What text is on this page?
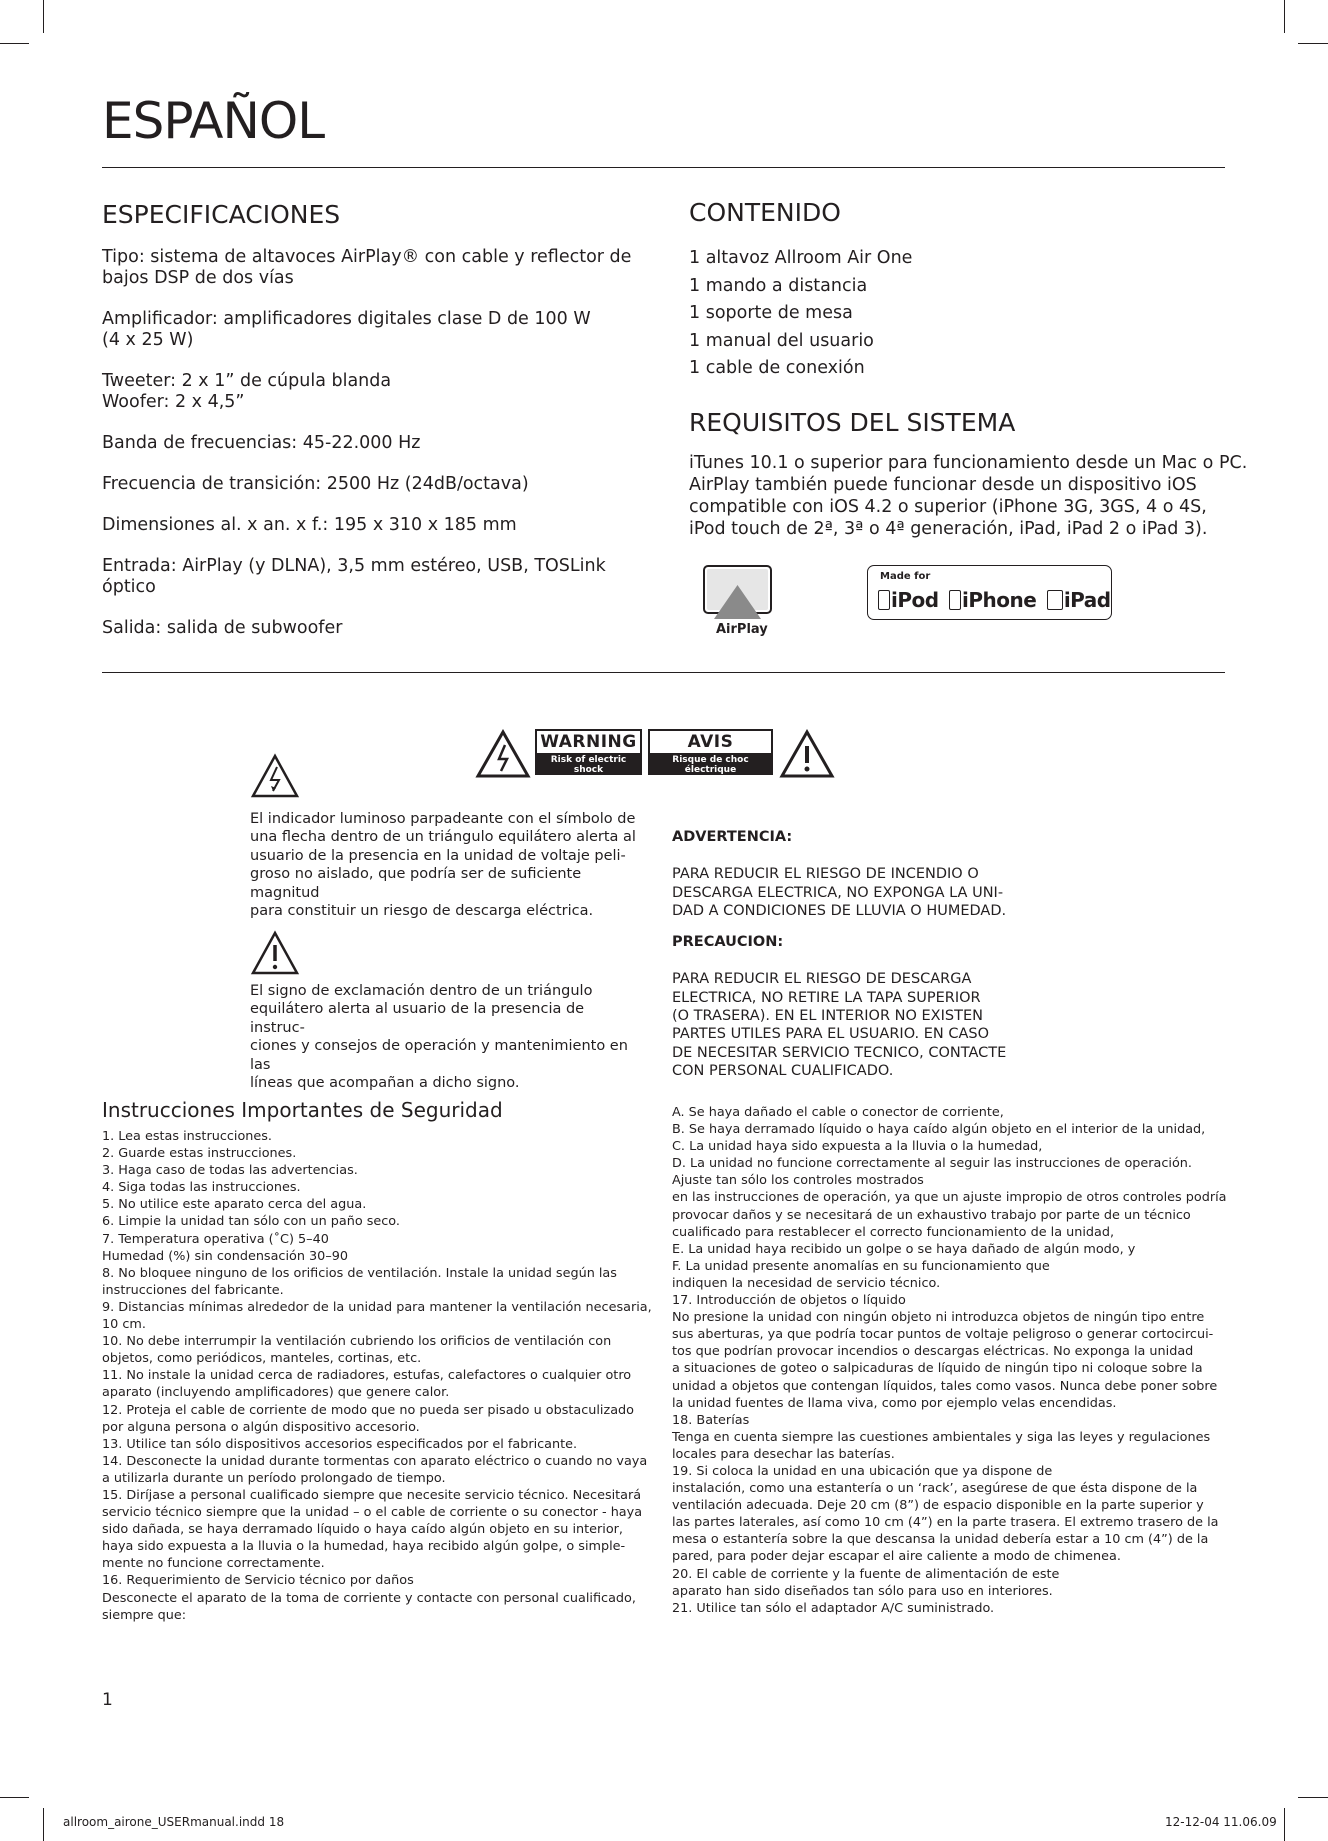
ESPAÑOL
ESPECIFICACIONES

Tipo: sistema de altavoces AirPlay® con cable y reflector de
bajos DSP de dos vías

Amplificador: amplificadores digitales clase D de 100 W
(4 x 25 W)

Tweeter: 2 x 1” de cúpula blanda
Woofer: 2 x 4,5”

Banda de frecuencias: 45-22.000 Hz

Frecuencia de transición: 2500 Hz (24dB/octava)

Dimensiones al. x an. x f.: 195 x 310 x 185 mm

Entrada: AirPlay (y DLNA), 3,5 mm estéreo, USB, TOSLink óptico

Salida: salida de subwoofer

CONTENIDO
1 altavoz Allroom Air One
1 mando a distancia
1 soporte de mesa
1 manual del usuario
1 cable de conexión
REQUISITOS DEL SISTEMA
iTunes 10.1 o superior para funcionamiento desde un Mac o PC.
AirPlay también puede funcionar desde un dispositivo iOS
compatible con iOS 4.2 o superior (iPhone 3G, 3GS, 4 o 4S,
iPod touch de 2ª, 3ª o 4ª generación, iPad, iPad 2 o iPad 3).
AirPlay
Made for
iPod iPhone iPad
WARNING
Risk of electric shock
Do not open
AVIS
Risque de choc électrique
Ne pas ouvrir
El indicador luminoso parpadeante con el símbolo de
una flecha dentro de un triángulo equilátero alerta al
usuario de la presencia en la unidad de voltaje peli-
groso no aislado, que podría ser de suficiente magnitud
para constituir un riesgo de descarga eléctrica.
El signo de exclamación dentro de un triángulo
equilátero alerta al usuario de la presencia de instruc-
ciones y consejos de operación y mantenimiento en las
líneas que acompañan a dicho signo.

ADVERTENCIA:

PARA REDUCIR EL RIESGO DE INCENDIO O
DESCARGA ELECTRICA, NO EXPONGA LA UNI-
DAD A CONDICIONES DE LLUVIA O HUMEDAD.

PRECAUCION:

PARA REDUCIR EL RIESGO DE DESCARGA
ELECTRICA, NO RETIRE LA TAPA SUPERIOR
(O TRASERA). EN EL INTERIOR NO EXISTEN
PARTES UTILES PARA EL USUARIO. EN CASO
DE NECESITAR SERVICIO TECNICO, CONTACTE
CON PERSONAL CUALIFICADO.

Instrucciones Importantes de Seguridad
1. Lea estas instrucciones.
2. Guarde estas instrucciones.
3. Haga caso de todas las advertencias.
4. Siga todas las instrucciones.
5. No utilice este aparato cerca del agua.
6. Limpie la unidad tan sólo con un paño seco.
7. Temperatura operativa (˚C) 5–40
Humedad (%) sin condensación 30–90
8. No bloquee ninguno de los orificios de ventilación. Instale la unidad según las
instrucciones del fabricante.
9. Distancias mínimas alrededor de la unidad para mantener la ventilación necesaria,
10 cm.
10. No debe interrumpir la ventilación cubriendo los orificios de ventilación con
objetos, como periódicos, manteles, cortinas, etc.
11. No instale la unidad cerca de radiadores, estufas, calefactores o cualquier otro
aparato (incluyendo amplificadores) que genere calor.
12. Proteja el cable de corriente de modo que no pueda ser pisado u obstaculizado
por alguna persona o algún dispositivo accesorio.
13. Utilice tan sólo dispositivos accesorios especificados por el fabricante.
14. Desconecte la unidad durante tormentas con aparato eléctrico o cuando no vaya
a utilizarla durante un período prolongado de tiempo.
15. Diríjase a personal cualificado siempre que necesite servicio técnico. Necesitará
servicio técnico siempre que la unidad – o el cable de corriente o su conector - haya
sido dañada, se haya derramado líquido o haya caído algún objeto en su interior,
haya sido expuesta a la lluvia o la humedad, haya recibido algún golpe, o simple-
mente no funcione correctamente.
16. Requerimiento de Servicio técnico por daños
Desconecte el aparato de la toma de corriente y contacte con personal cualificado,
siempre que:
A. Se haya dañado el cable o conector de corriente,
B. Se haya derramado líquido o haya caído algún objeto en el interior de la unidad,
C. La unidad haya sido expuesta a la lluvia o la humedad,
D. La unidad no funcione correctamente al seguir las instrucciones de operación.
Ajuste tan sólo los controles mostrados
en las instrucciones de operación, ya que un ajuste impropio de otros controles podría
provocar daños y se necesitará de un exhaustivo trabajo por parte de un técnico
cualificado para restablecer el correcto funcionamiento de la unidad,
E. La unidad haya recibido un golpe o se haya dañado de algún modo, y
F. La unidad presente anomalías en su funcionamiento que
indiquen la necesidad de servicio técnico.
17. Introducción de objetos o líquido
No presione la unidad con ningún objeto ni introduzca objetos de ningún tipo entre
sus aberturas, ya que podría tocar puntos de voltaje peligroso o generar cortocircui-
tos que podrían provocar incendios o descargas eléctricas. No exponga la unidad
a situaciones de goteo o salpicaduras de líquido de ningún tipo ni coloque sobre la
unidad a objetos que contengan líquidos, tales como vasos. Nunca debe poner sobre
la unidad fuentes de llama viva, como por ejemplo velas encendidas.
18. Baterías
Tenga en cuenta siempre las cuestiones ambientales y siga las leyes y regulaciones
locales para desechar las baterías.
19. Si coloca la unidad en una ubicación que ya dispone de
instalación, como una estantería o un ‘rack’, asegúrese de que ésta dispone de la
ventilación adecuada. Deje 20 cm (8”) de espacio disponible en la parte superior y
las partes laterales, así como 10 cm (4”) en la parte trasera. El extremo trasero de la
mesa o estantería sobre la que descansa la unidad debería estar a 10 cm (4”) de la
pared, para poder dejar escapar el aire caliente a modo de chimenea.
20. El cable de corriente y la fuente de alimentación de este
aparato han sido diseñados tan sólo para uso en interiores.
21. Utilice tan sólo el adaptador A/C suministrado.
1
allroom_airone_USERmanual.indd 18	12-12-04 11.06.09
